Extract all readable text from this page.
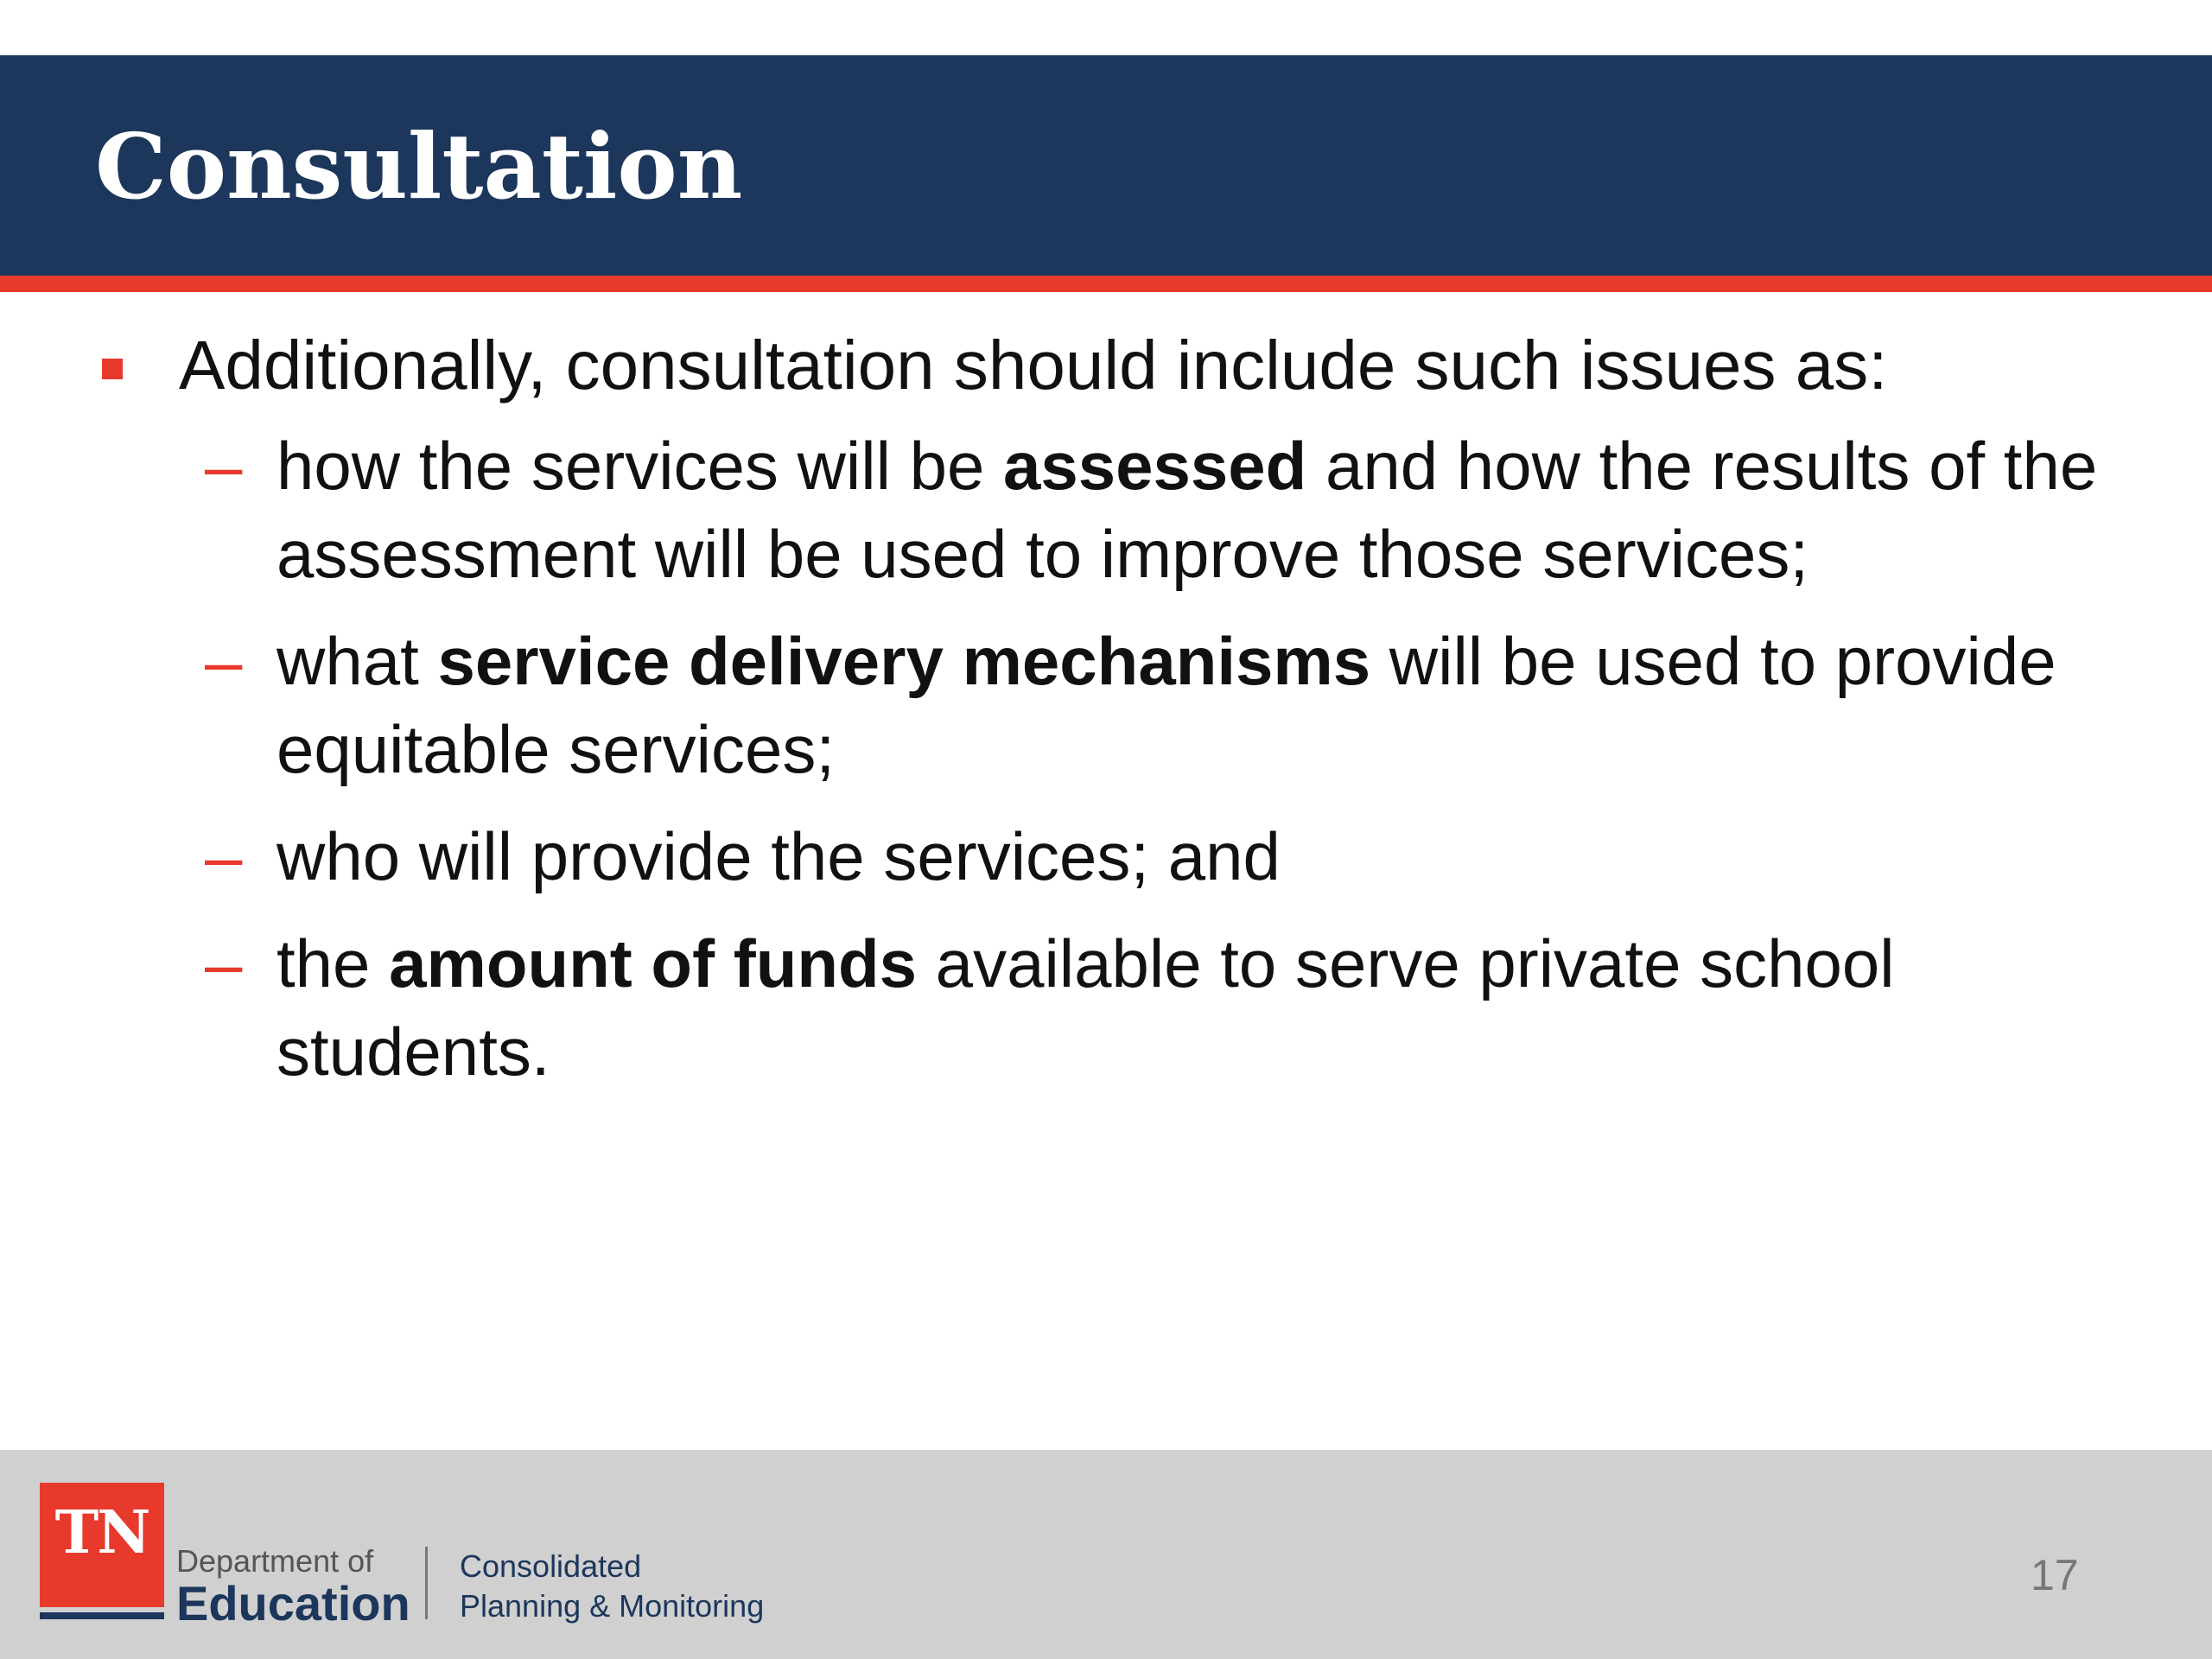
Consultation
Additionally, consultation should include such issues as:
– how the services will be assessed and how the results of the assessment will be used to improve those services;
– what service delivery mechanisms will be used to provide equitable services;
– who will provide the services; and
– the amount of funds available to serve private school students.
TN Department of
Education
Consolidated
Planning & Monitoring
17
